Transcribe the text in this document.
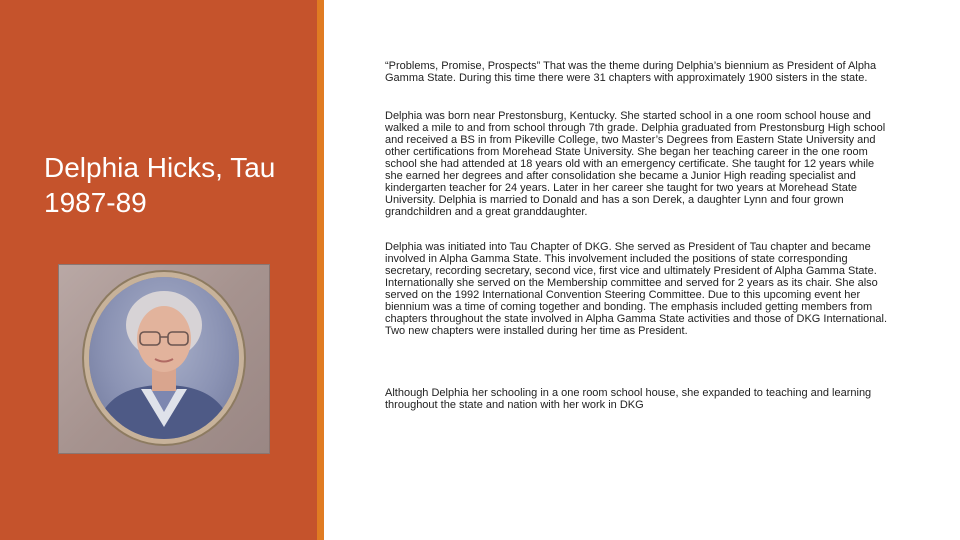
Delphia Hicks, Tau 1987-89

“Problems, Promise, Prospects” That was the theme during Delphia’s biennium as President of Alpha Gamma State. During this time there were 31 chapters with approximately 1900 sisters in the state.

Delphia was born near Prestonsburg, Kentucky. She started school in a one room school house and walked a mile to and from school through 7th grade. Delphia graduated from Prestonsburg High school and received a BS in from Pikeville College, two Master’s Degrees from Eastern State University and other certifications from Morehead State University. She began her teaching career in the one room school she had attended at 18 years old with an emergency certificate. She taught for 12 years while she earned her degrees and after consolidation she became a Junior High reading specialist and kindergarten teacher for 24 years. Later in her career she taught for two years at Morehead State University. Delphia is married to Donald and has a son Derek, a daughter Lynn and four grown grandchildren and a great granddaughter.

Delphia was initiated into Tau Chapter of DKG. She served as President of Tau chapter and became involved in Alpha Gamma State. This involvement included the positions of state corresponding secretary, recording secretary, second vice, first vice and ultimately President of Alpha Gamma State. Internationally she served on the Membership committee and served for 2 years as its chair. She also served on the 1992 International Convention Steering Committee. Due to this upcoming event her biennium was a time of coming together and bonding. The emphasis included getting members from chapters throughout the state involved in Alpha Gamma State activities and those of DKG International. Two new chapters were installed during her time as President.

Although Delphia her schooling in a one room school house, she expanded to teaching and learning throughout the state and nation with her work in DKG
